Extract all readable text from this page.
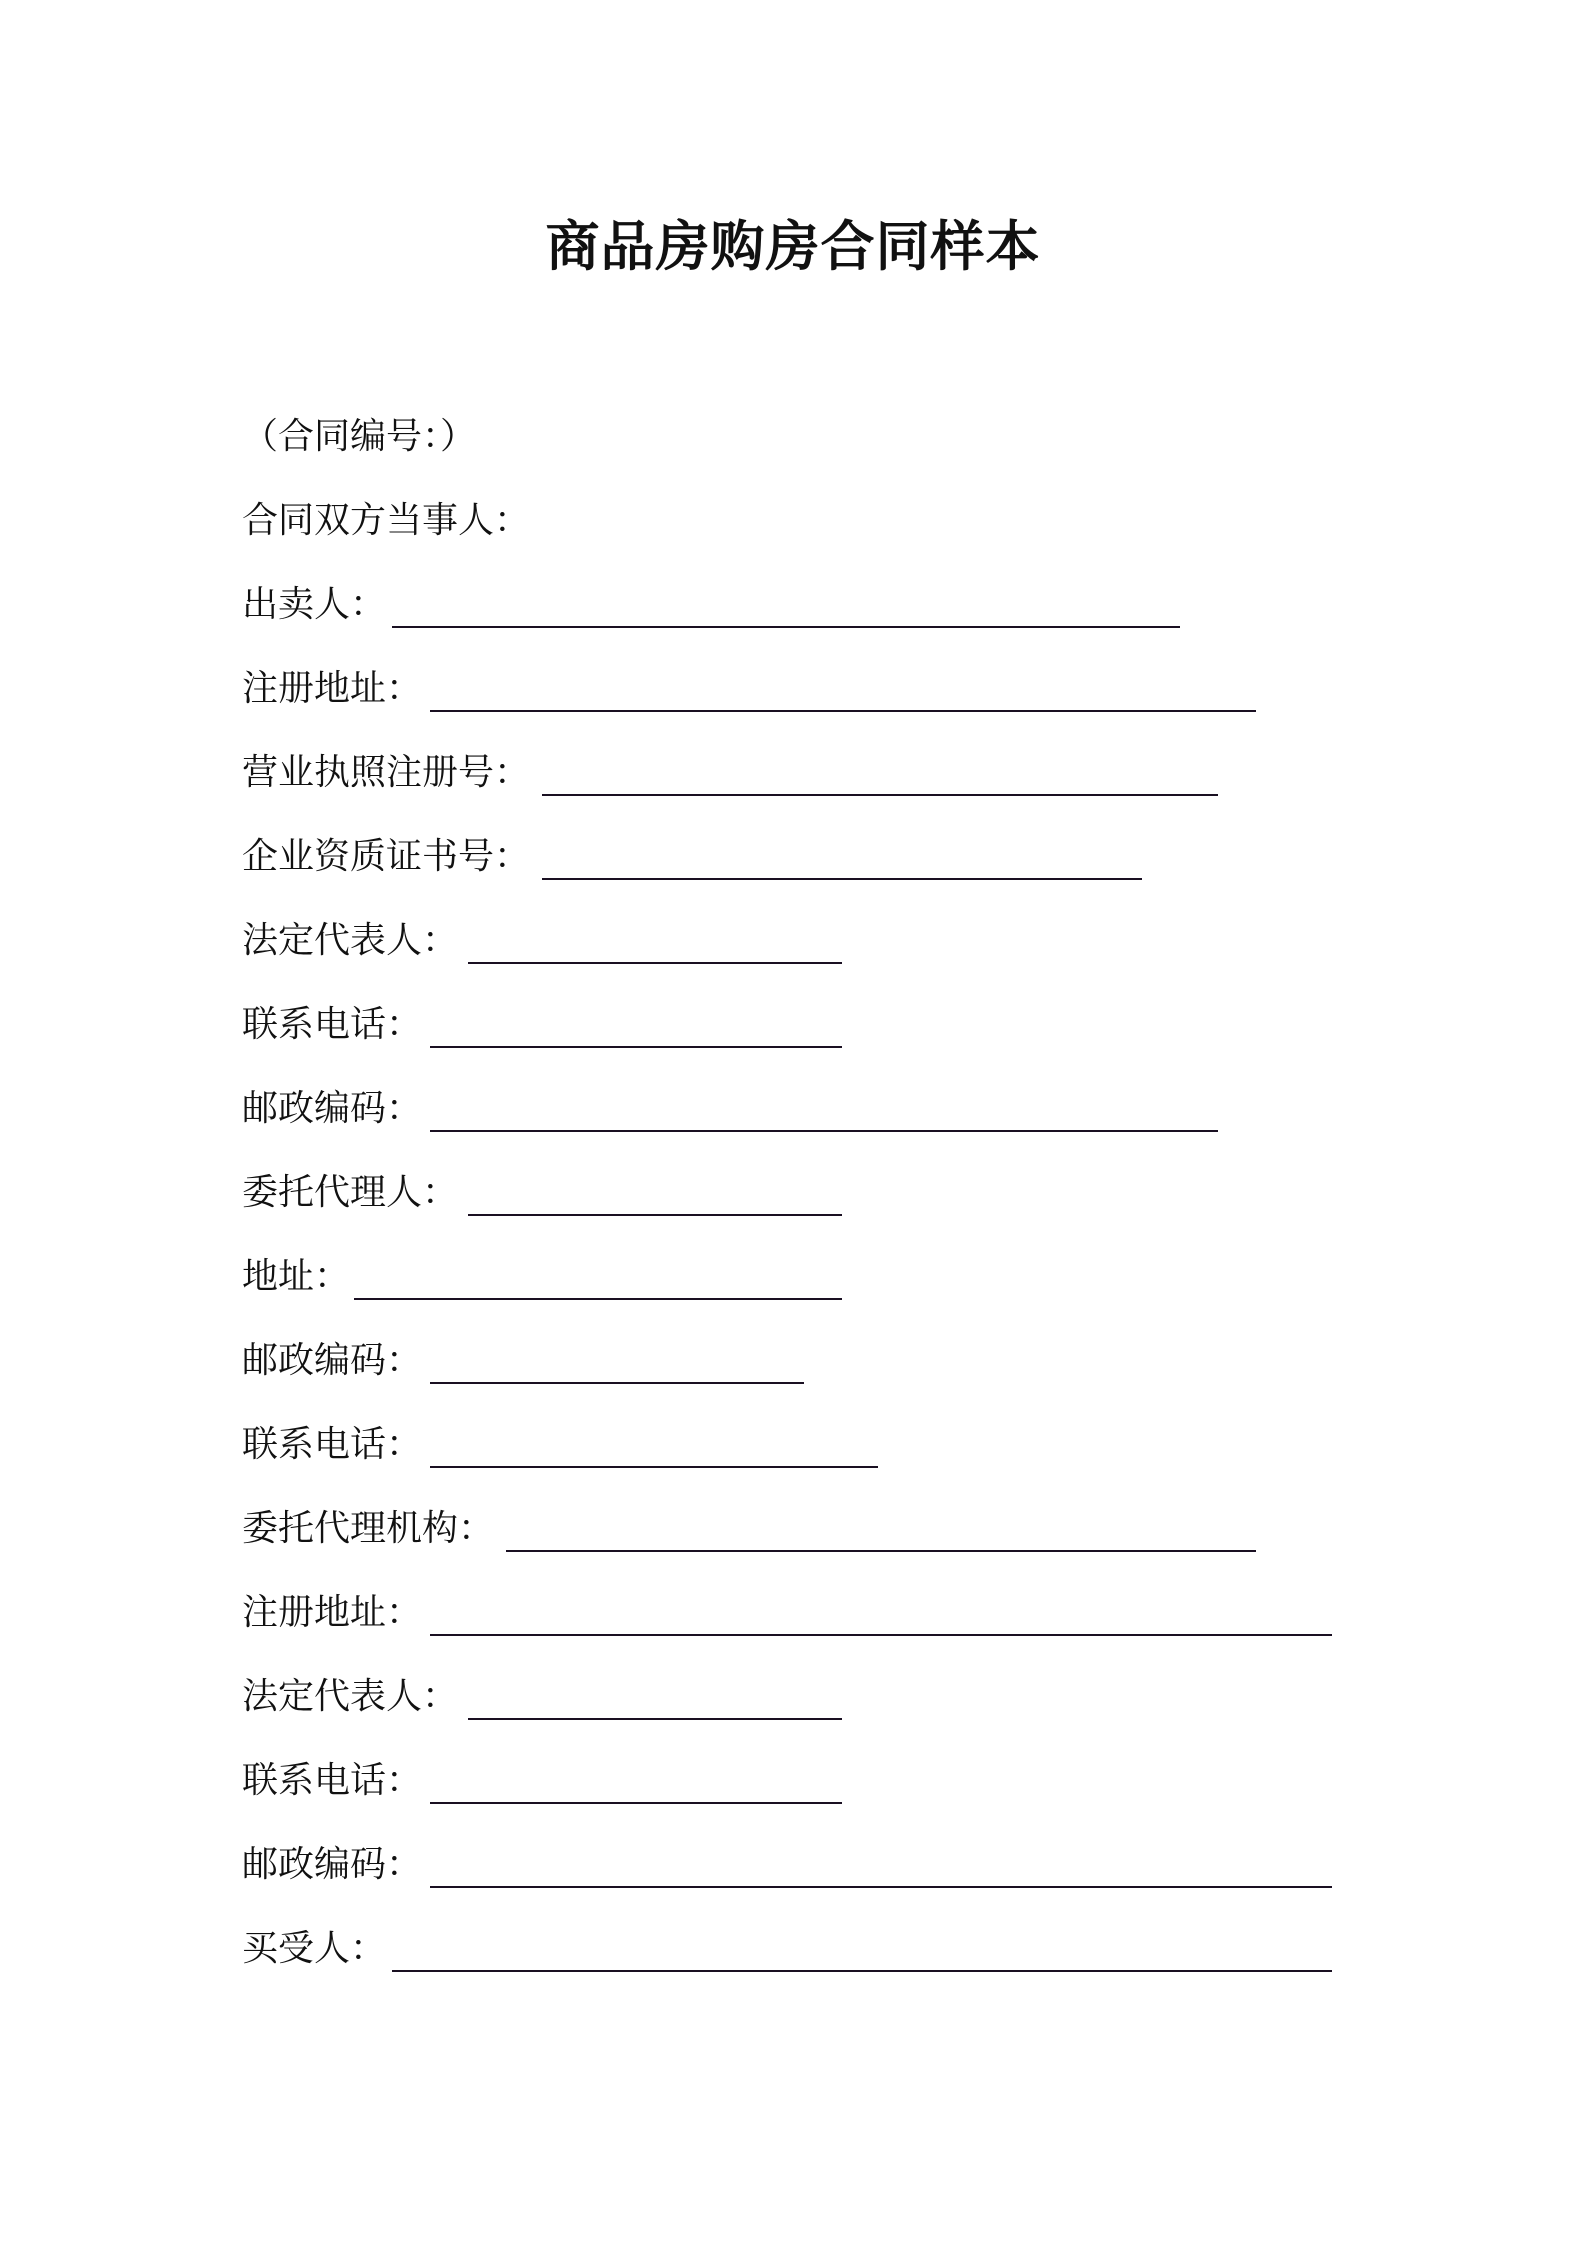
商品房购房合同样本
（合同编号：）
合同双方当事人：
出卖人：
注册地址：
营业执照注册号：
企业资质证书号：
法定代表人：
联系电话：
邮政编码：
委托代理人：
地址：
邮政编码：
联系电话：
委托代理机构：
注册地址：
法定代表人：
联系电话：
邮政编码：
买受人：
